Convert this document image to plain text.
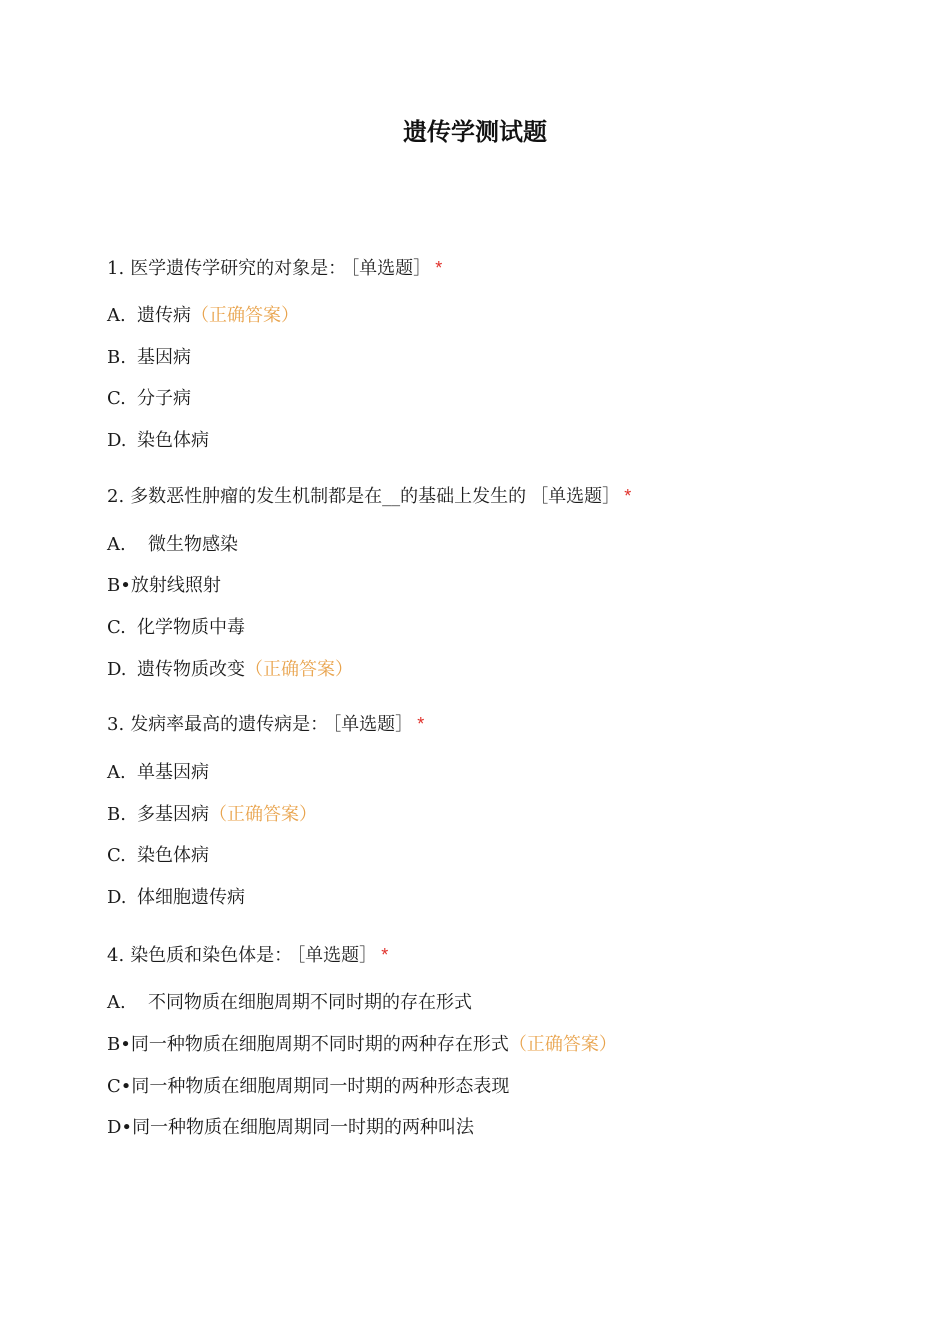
遗传学测试题
1. 医学遗传学研究的对象是： ［单选题］ *
A. 遗传病（正确答案）
B. 基因病
C. 分子病
D. 染色体病
2. 多数恶性肿瘤的发生机制都是在__的基础上发生的 ［单选题］ *
A. 微生物感染
B•放射线照射
C. 化学物质中毒
D. 遗传物质改变（正确答案）
3. 发病率最高的遗传病是： ［单选题］ *
A. 单基因病
B. 多基因病（正确答案）
C. 染色体病
D. 体细胞遗传病
4. 染色质和染色体是： ［单选题］ *
A. 不同物质在细胞周期不同时期的存在形式
B•同一种物质在细胞周期不同时期的两种存在形式（正确答案）
C•同一种物质在细胞周期同一时期的两种形态表现
D•同一种物质在细胞周期同一时期的两种叫法
